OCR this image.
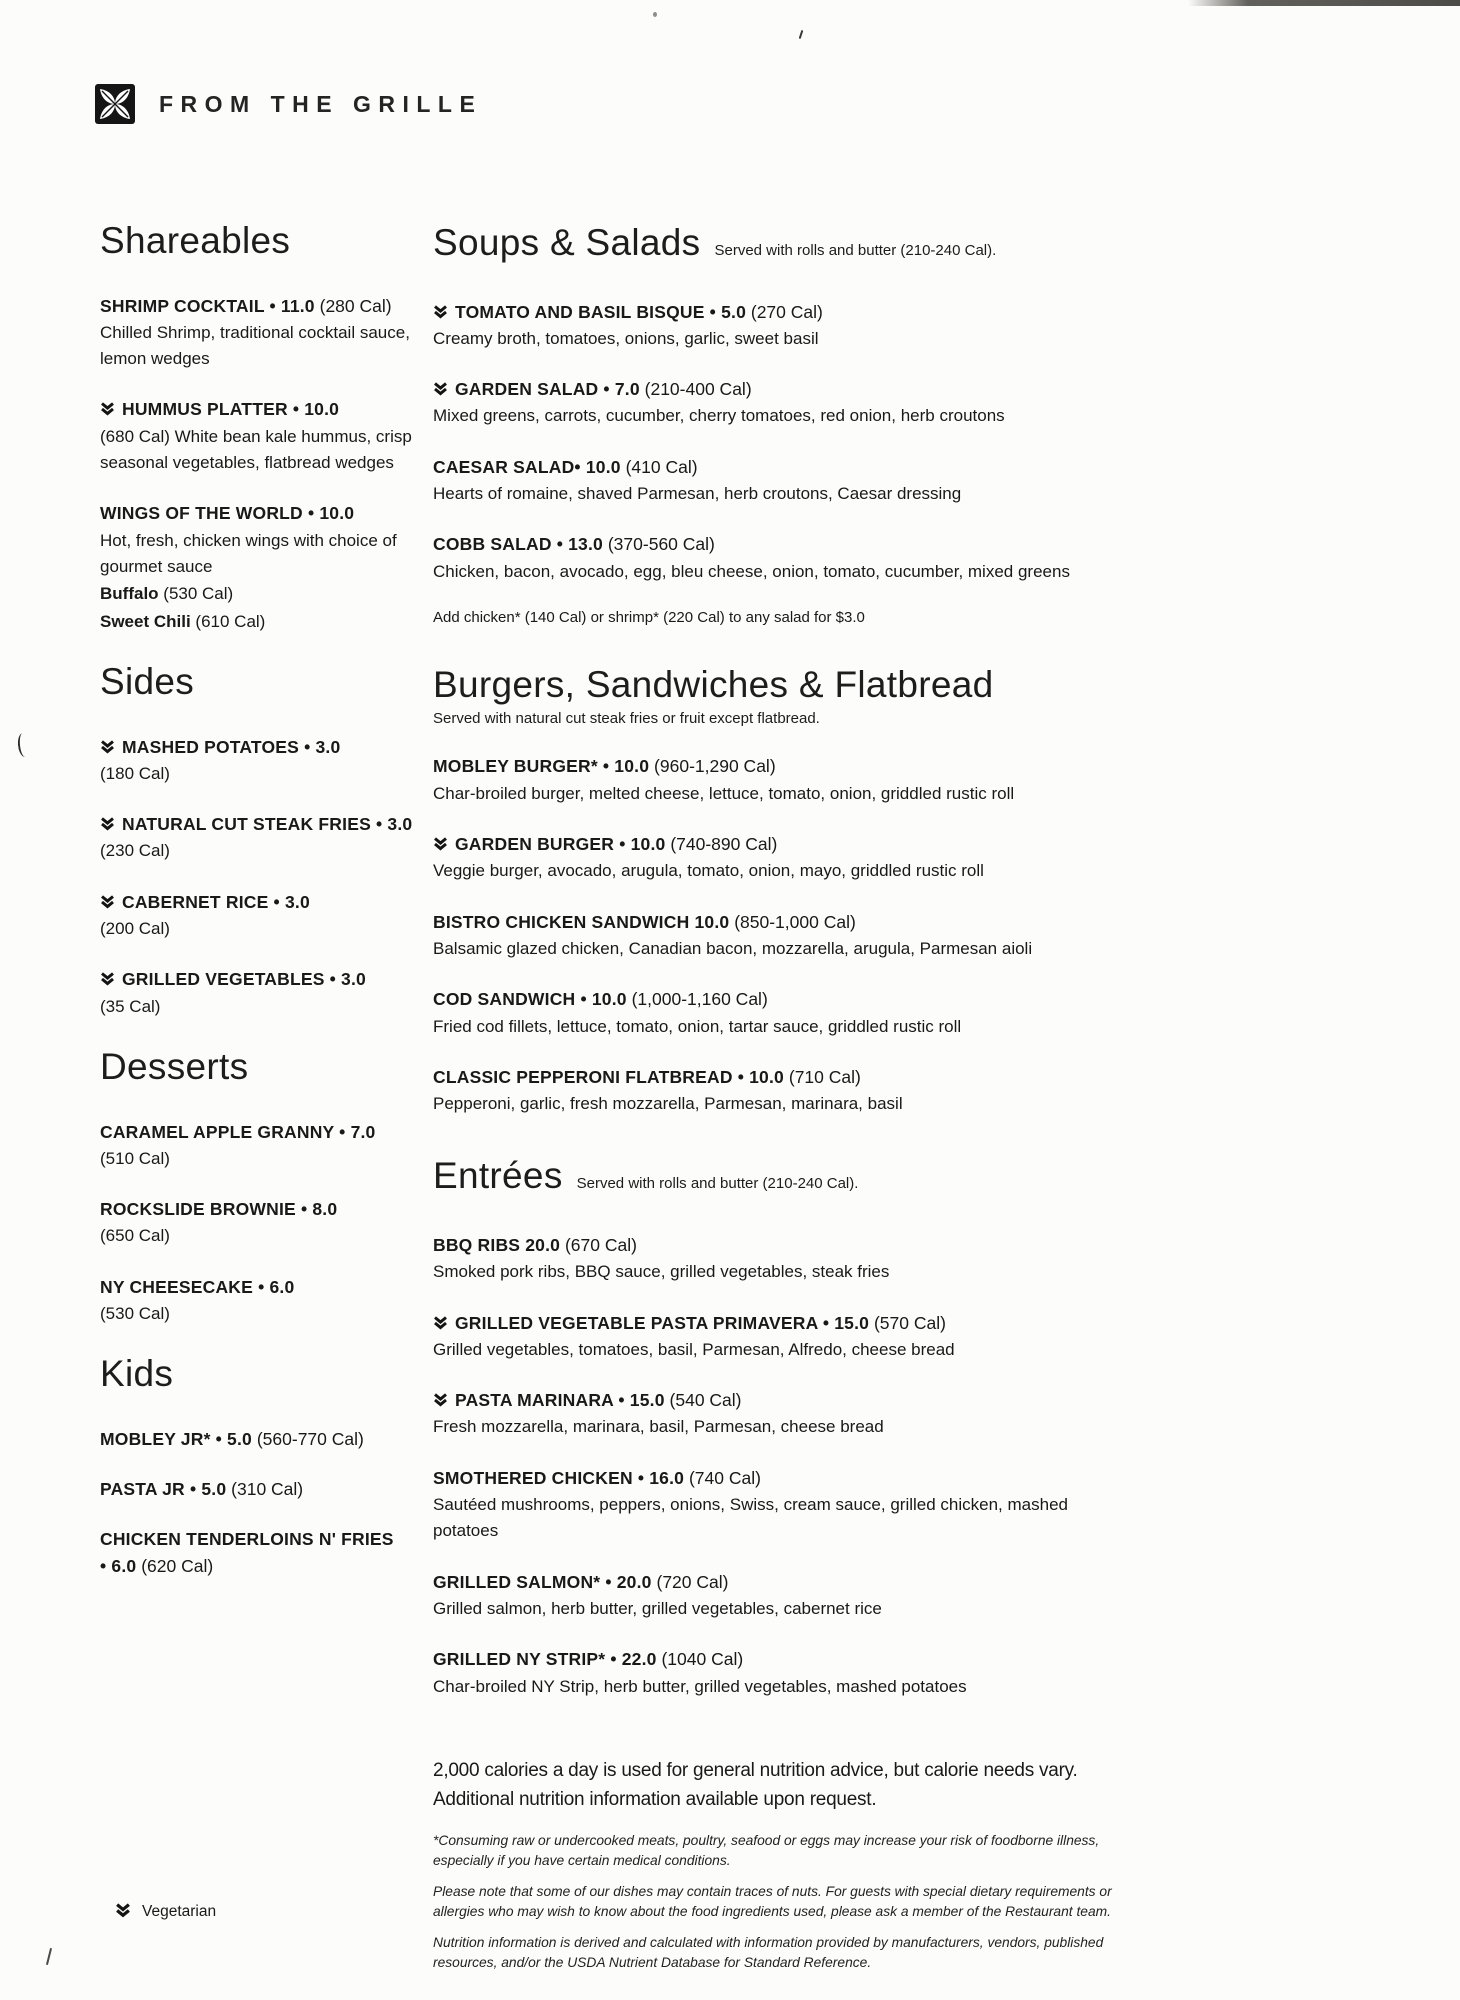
FROM THE GRILLE
Shareables

SHRIMP COCKTAIL • 11.0 (280 Cal)

Chilled Shrimp, traditional cocktail sauce, lemon wedges

HUMMUS PLATTER • 10.0

(680 Cal) White bean kale hummus, crisp seasonal vegetables, flatbread wedges

WINGS OF THE WORLD • 10.0

Hot, fresh, chicken wings with choice of gourmet sauce

Buffalo (530 Cal)

Sweet Chili (610 Cal)

Sides

MASHED POTATOES • 3.0

(180 Cal)

NATURAL CUT STEAK FRIES • 3.0

(230 Cal)

CABERNET RICE • 3.0

(200 Cal)

GRILLED VEGETABLES • 3.0

(35 Cal)

Desserts

CARAMEL APPLE GRANNY • 7.0

(510 Cal)

ROCKSLIDE BROWNIE • 8.0

(650 Cal)

NY CHEESECAKE • 6.0

(530 Cal)

Kids

MOBLEY JR* • 5.0 (560-770 Cal)

PASTA JR • 5.0 (310 Cal)

CHICKEN TENDERLOINS N' FRIES • 6.0 (620 Cal)

Soups & Salads Served with rolls and butter (210-240 Cal).

TOMATO AND BASIL BISQUE • 5.0 (270 Cal)

Creamy broth, tomatoes, onions, garlic, sweet basil

GARDEN SALAD • 7.0 (210-400 Cal)

Mixed greens, carrots, cucumber, cherry tomatoes, red onion, herb croutons

CAESAR SALAD• 10.0 (410 Cal)

Hearts of romaine, shaved Parmesan, herb croutons, Caesar dressing

COBB SALAD • 13.0 (370-560 Cal)

Chicken, bacon, avocado, egg, bleu cheese, onion, tomato, cucumber, mixed greens

Add chicken* (140 Cal) or shrimp* (220 Cal) to any salad for $3.0

Burgers, Sandwiches & Flatbread

Served with natural cut steak fries or fruit except flatbread.

MOBLEY BURGER* • 10.0 (960-1,290 Cal)

Char-broiled burger, melted cheese, lettuce, tomato, onion, griddled rustic roll

GARDEN BURGER • 10.0 (740-890 Cal)

Veggie burger, avocado, arugula, tomato, onion, mayo, griddled rustic roll

BISTRO CHICKEN SANDWICH 10.0 (850-1,000 Cal)

Balsamic glazed chicken, Canadian bacon, mozzarella, arugula, Parmesan aioli

COD SANDWICH • 10.0 (1,000-1,160 Cal)

Fried cod fillets, lettuce, tomato, onion, tartar sauce, griddled rustic roll

CLASSIC PEPPERONI FLATBREAD • 10.0 (710 Cal)

Pepperoni, garlic, fresh mozzarella, Parmesan, marinara, basil

Entrées Served with rolls and butter (210-240 Cal).

BBQ RIBS 20.0 (670 Cal)

Smoked pork ribs, BBQ sauce, grilled vegetables, steak fries

GRILLED VEGETABLE PASTA PRIMAVERA • 15.0 (570 Cal)

Grilled vegetables, tomatoes, basil, Parmesan, Alfredo, cheese bread

PASTA MARINARA • 15.0 (540 Cal)

Fresh mozzarella, marinara, basil, Parmesan, cheese bread

SMOTHERED CHICKEN • 16.0 (740 Cal)

Sautéed mushrooms, peppers, onions, Swiss, cream sauce, grilled chicken, mashed potatoes

GRILLED SALMON* • 20.0 (720 Cal)

Grilled salmon, herb butter, grilled vegetables, cabernet rice

GRILLED NY STRIP* • 22.0 (1040 Cal)

Char-broiled NY Strip, herb butter, grilled vegetables, mashed potatoes

2,000 calories a day is used for general nutrition advice, but calorie needs vary. Additional nutrition information available upon request.

*Consuming raw or undercooked meats, poultry, seafood or eggs may increase your risk of foodborne illness, especially if you have certain medical conditions.

Please note that some of our dishes may contain traces of nuts. For guests with special dietary requirements or allergies who may wish to know about the food ingredients used, please ask a member of the Restaurant team.

Nutrition information is derived and calculated with information provided by manufacturers, vendors, published resources, and/or the USDA Nutrient Database for Standard Reference.

Vegetarian
